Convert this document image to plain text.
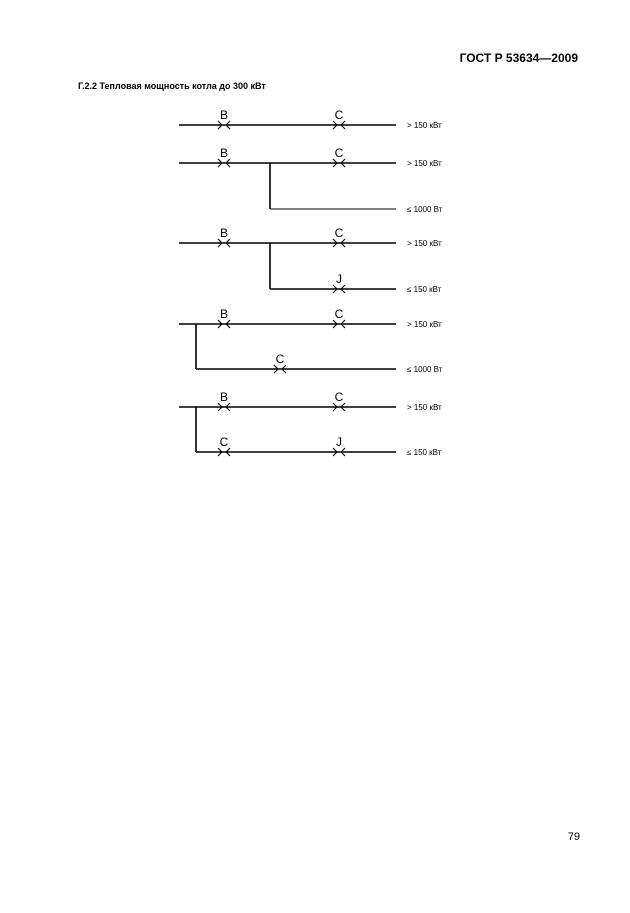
ГОСТ Р 53634—2009
Г.2.2 Тепловая мощность котла до 300 кВт
B	C
> 150 кВт
B	C
> 150 кВт
≤ 1000 Вт
B	C
> 150 кВт
J
≤ 150 кВт
B	C
> 150 кВт
C
≤ 1000 Вт
B	C
> 150 кВт
C	J
≤ 150 кВт
79
